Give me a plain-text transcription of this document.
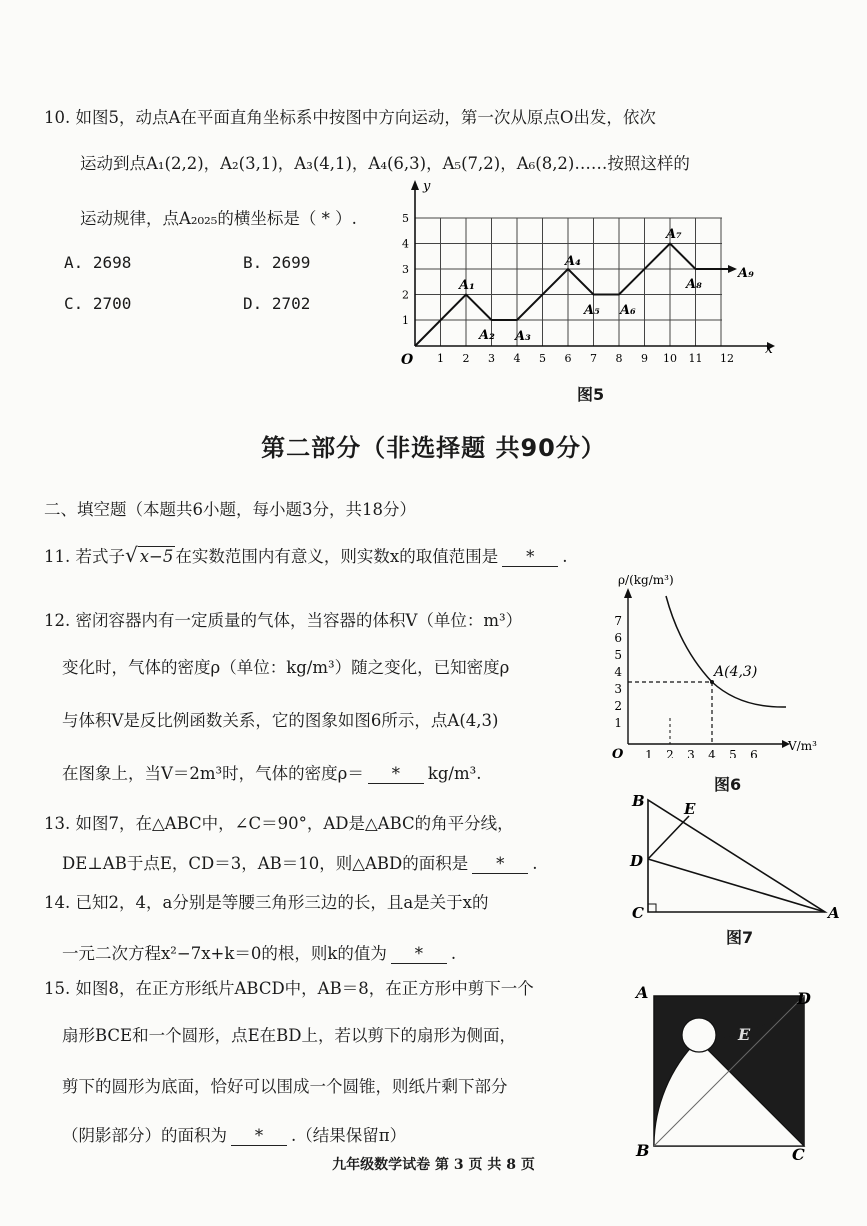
10. 如图5，动点A在平面直角坐标系中按图中方向运动，第一次从原点O出发，依次
运动到点A₁(2,2)，A₂(3,1)，A₃(4,1)，A₄(6,3)，A₅(7,2)，A₆(8,2)……按照这样的
运动规律，点A₂₀₂₅的横坐标是（ * ）.
A. 2698	B. 2699
C. 2700	D. 2702
y
x
O 1 2 3 4 5 6 7 8 9 10 11 12
1
2
3
4
5
A₁
A₂ A₃
A₄
A₅ A₆
A₇
A₈
A₉
图5
第二部分（非选择题 共90分）
二、填空题（本题共6小题，每小题3分，共18分）
11. 若式子√ x−5 在实数范围内有意义，则实数x的取值范围是 * .
12. 密闭容器内有一定质量的气体，当容器的体积V（单位：m³）
变化时，气体的密度ρ（单位：kg/m³）随之变化，已知密度ρ
与体积V是反比例函数关系，它的图象如图6所示，点A(4,3)
在图象上，当V＝2m³时，气体的密度ρ＝ * kg/m³.
ρ/(kg/m³)
V/m³
O 1 2 3 4 5 6
1
2
3
4
5
6
7
A(4,3)
图6
13. 如图7，在△ABC中，∠C＝90°，AD是△ABC的角平分线，
DE⊥AB于点E，CD＝3，AB＝10，则△ABD的面积是 * .
B	E
D
C	A
图7
14. 已知2，4，a分别是等腰三角形三边的长，且a是关于x的
一元二次方程x²−7x+k＝0的根，则k的值为 * .
15. 如图8，在正方形纸片ABCD中，AB＝8，在正方形中剪下一个
扇形BCE和一个圆形，点E在BD上，若以剪下的扇形为侧面，
剪下的圆形为底面，恰好可以围成一个圆锥，则纸片剩下部分
（阴影部分）的面积为 * .（结果保留π）
A	D
E
B	C
九年级数学试卷 第 3 页 共 8 页
